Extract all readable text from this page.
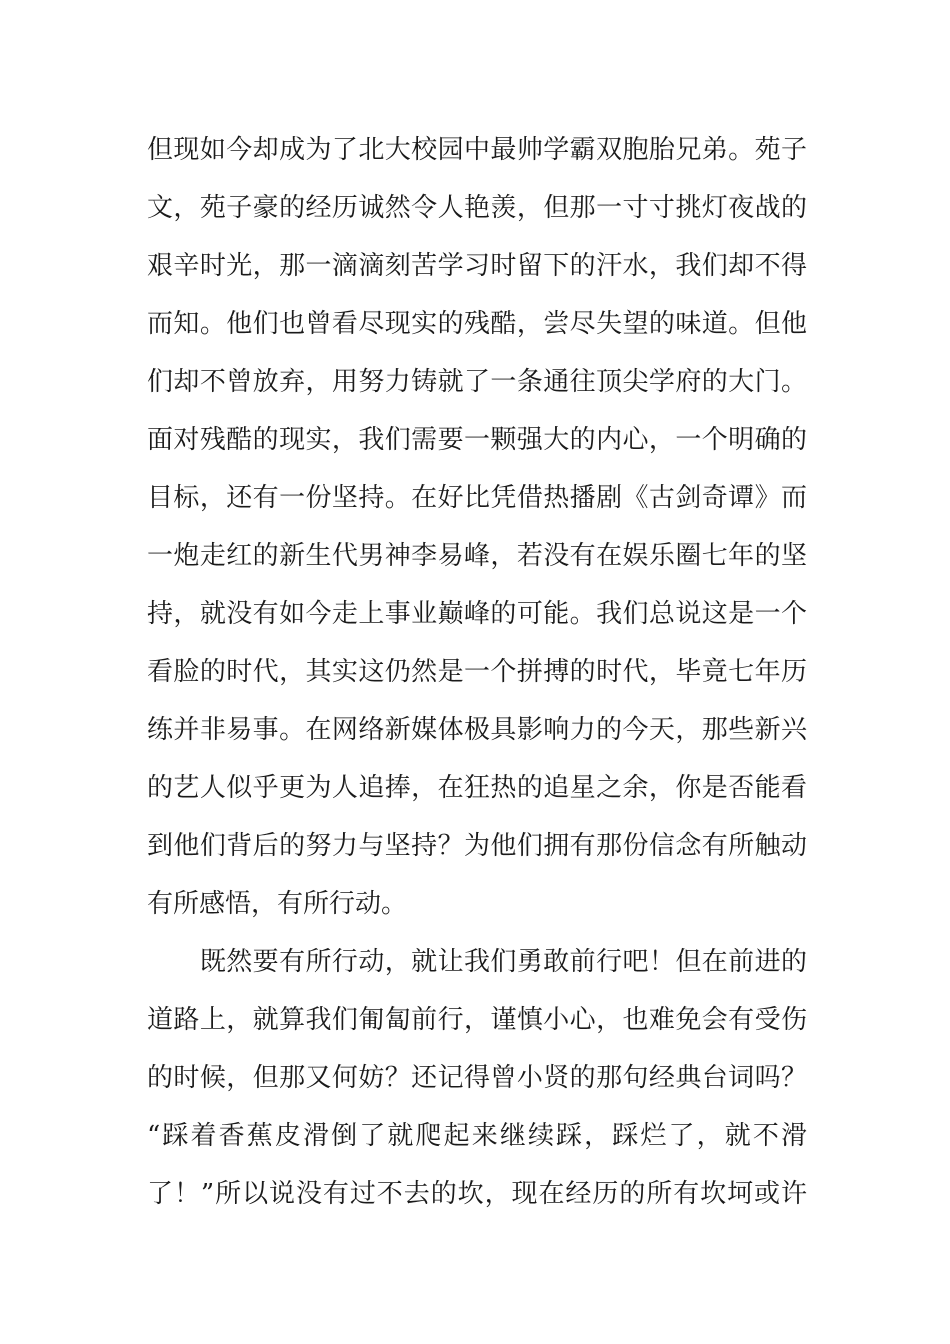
但现如今却成为了北大校园中最帅学霸双胞胎兄弟。苑子
文，苑子豪的经历诚然令人艳羡，但那一寸寸挑灯夜战的
艰辛时光，那一滴滴刻苦学习时留下的汗水，我们却不得
而知。他们也曾看尽现实的残酷，尝尽失望的味道。但他
们却不曾放弃，用努力铸就了一条通往顶尖学府的大门。
面对残酷的现实，我们需要一颗强大的内心，一个明确的
目标，还有一份坚持。在好比凭借热播剧《古剑奇谭》而
一炮走红的新生代男神李易峰，若没有在娱乐圈七年的坚
持，就没有如今走上事业巅峰的可能。我们总说这是一个
看脸的时代，其实这仍然是一个拼搏的时代，毕竟七年历
练并非易事。在网络新媒体极具影响力的今天，那些新兴
的艺人似乎更为人追捧，在狂热的追星之余，你是否能看
到他们背后的努力与坚持？为他们拥有那份信念有所触动
有所感悟，有所行动。
　　既然要有所行动，就让我们勇敢前行吧！但在前进的
道路上，就算我们匍匐前行，谨慎小心，也难免会有受伤
的时候，但那又何妨？还记得曾小贤的那句经典台词吗？
“踩着香蕉皮滑倒了就爬起来继续踩，踩烂了，就不滑
了！”所以说没有过不去的坎，现在经历的所有坎坷或许
